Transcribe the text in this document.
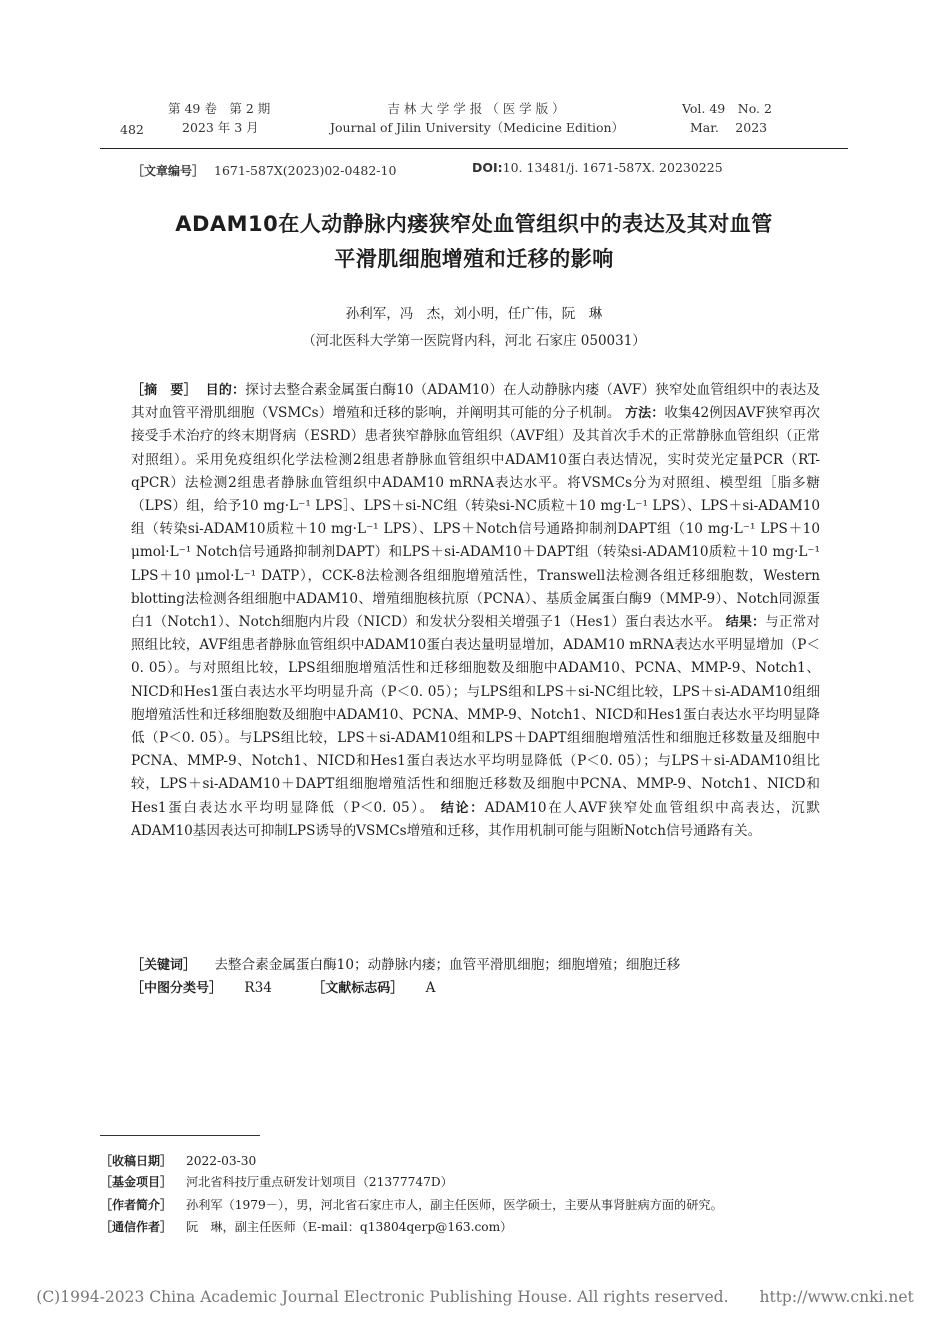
482
第 49 卷　第 2 期
2023 年 3 月
吉 林 大 学 学 报 （ 医 学 版 ）
Journal of Jilin University（Medicine Edition）
Vol. 49　No. 2
Mar.　 2023
［文章编号］ 1671-587X(2023)02-0482-10	DOI:10. 13481/j. 1671-587X. 20230225
ADAM10在人动静脉内瘘狭窄处血管组织中的表达及其对血管
平滑肌细胞增殖和迁移的影响
孙利军，冯　杰，刘小明，任广伟，阮　琳
（河北医科大学第一医院肾内科，河北 石家庄 050031）
［摘　要］ 目的：探讨去整合素金属蛋白酶10（ADAM10）在人动静脉内瘘（AVF）狭窄处血管组织中的表达及其对血管平滑肌细胞（VSMCs）增殖和迁移的影响，并阐明其可能的分子机制。 方法：收集42例因AVF狭窄再次接受手术治疗的终末期肾病（ESRD）患者狭窄静脉血管组织（AVF组）及其首次手术的正常静脉血管组织（正常对照组）。采用免疫组织化学法检测2组患者静脉血管组织中ADAM10蛋白表达情况，实时荧光定量PCR（RT-qPCR）法检测2组患者静脉血管组织中ADAM10 mRNA表达水平。将VSMCs分为对照组、模型组［脂多糖（LPS）组，给予10 mg·L⁻¹ LPS］、LPS＋si-NC组（转染si-NC质粒＋10 mg·L⁻¹ LPS）、LPS＋si-ADAM10组（转染si-ADAM10质粒＋10 mg·L⁻¹ LPS）、LPS＋Notch信号通路抑制剂DAPT组（10 mg·L⁻¹ LPS＋10 μmol·L⁻¹ Notch信号通路抑制剂DAPT）和LPS＋si-ADAM10＋DAPT组（转染si-ADAM10质粒＋10 mg·L⁻¹ LPS＋10 μmol·L⁻¹ DATP），CCK-8法检测各组细胞增殖活性，Transwell法检测各组迁移细胞数，Western blotting法检测各组细胞中ADAM10、增殖细胞核抗原（PCNA）、基质金属蛋白酶9（MMP-9）、Notch同源蛋白1（Notch1）、Notch细胞内片段（NICD）和发状分裂相关增强子1（Hes1）蛋白表达水平。 结果：与正常对照组比较，AVF组患者静脉血管组织中ADAM10蛋白表达量明显增加，ADAM10 mRNA表达水平明显增加（P＜0. 05）。与对照组比较，LPS组细胞增殖活性和迁移细胞数及细胞中ADAM10、PCNA、MMP-9、Notch1、NICD和Hes1蛋白表达水平均明显升高（P＜0. 05）；与LPS组和LPS＋si-NC组比较，LPS＋si-ADAM10组细胞增殖活性和迁移细胞数及细胞中ADAM10、PCNA、MMP-9、Notch1、NICD和Hes1蛋白表达水平均明显降低（P＜0. 05）。与LPS组比较，LPS＋si-ADAM10组和LPS＋DAPT组细胞增殖活性和细胞迁移数量及细胞中PCNA、MMP-9、Notch1、NICD和Hes1蛋白表达水平均明显降低（P＜0. 05）；与LPS＋si-ADAM10组比较，LPS＋si-ADAM10＋DAPT组细胞增殖活性和细胞迁移数及细胞中PCNA、MMP-9、Notch1、NICD和Hes1蛋白表达水平均明显降低（P＜0. 05）。 结论：ADAM10在人AVF狭窄处血管组织中高表达，沉默ADAM10基因表达可抑制LPS诱导的VSMCs增殖和迁移，其作用机制可能与阻断Notch信号通路有关。
［关键词］ 去整合素金属蛋白酶10；动静脉内瘘；血管平滑肌细胞；细胞增殖；细胞迁移
［中图分类号］ R34	［文献标志码］ A
［收稿日期］ 2022-03-30
［基金项目］ 河北省科技厅重点研发计划项目（21377747D）
［作者简介］ 孙利军（1979－），男，河北省石家庄市人，副主任医师，医学硕士，主要从事肾脏病方面的研究。
［通信作者］ 阮　琳，副主任医师（E-mail：q13804qerp@163.com）
(C)1994-2023 China Academic Journal Electronic Publishing House. All rights reserved.　　http://www.cnki.net
